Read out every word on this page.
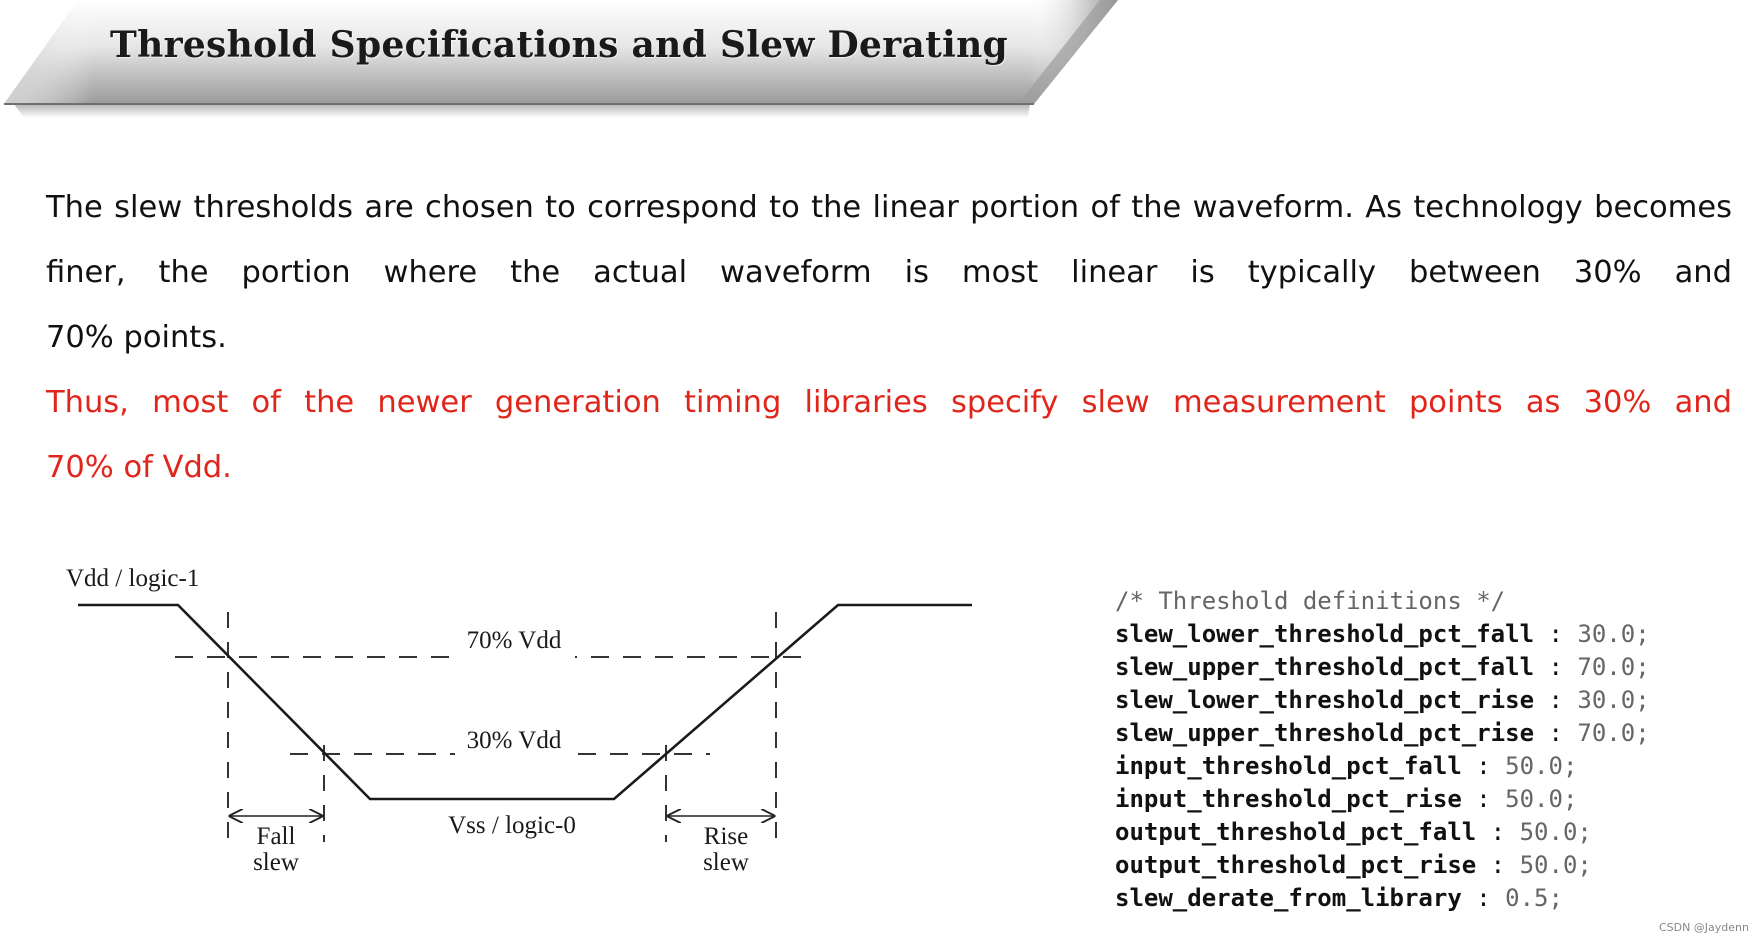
Threshold Specifications and Slew Derating

The slew thresholds are chosen to correspond to the linear portion of the waveform. As technology becomes finer, the portion where the actual waveform is most linear is typically between 30% and
70% points.

Thus, most of the newer generation timing libraries specify slew measurement points as 30% and
70% of Vdd.

Vdd / logic-1
70% Vdd
30% Vdd
Vss / logic-0
Fall
slew
Rise
slew
/* Threshold definitions */
slew_lower_threshold_pct_fall : 30.0;
slew_upper_threshold_pct_fall : 70.0;
slew_lower_threshold_pct_rise : 30.0;
slew_upper_threshold_pct_rise : 70.0;
input_threshold_pct_fall : 50.0;
input_threshold_pct_rise : 50.0;
output_threshold_pct_fall : 50.0;
output_threshold_pct_rise : 50.0;
slew_derate_from_library : 0.5;
CSDN @Jaydenn
